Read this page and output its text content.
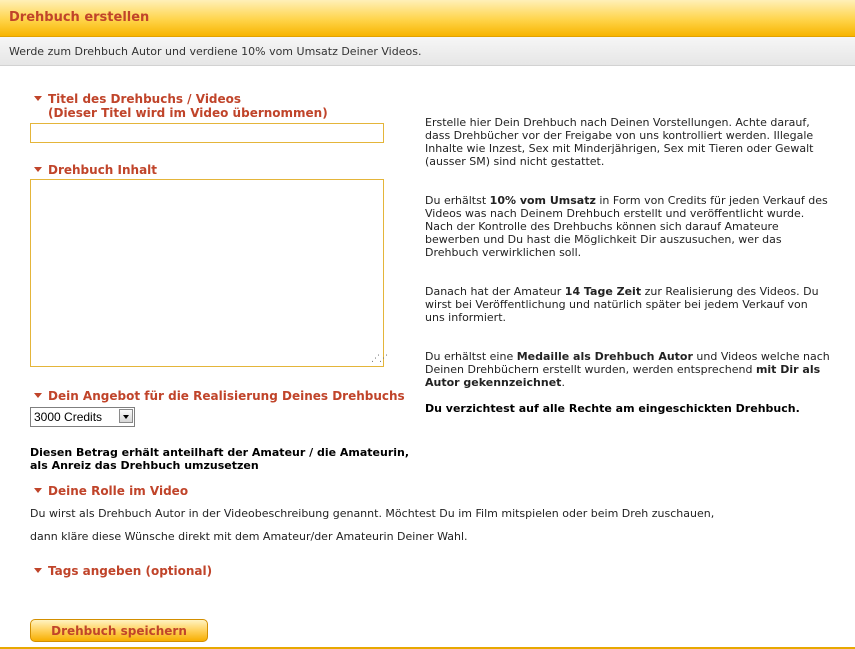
Drehbuch erstellen
Werde zum Drehbuch Autor und verdiene 10% vom Umsatz Deiner Videos.
Titel des Drehbuchs / Videos
(Dieser Titel wird im Video übernommen)
Drehbuch Inhalt
⋰⋰
Dein Angebot für die Realisierung Deines Drehbuchs
3000 Credits
Diesen Betrag erhält anteilhaft der Amateur / die Amateurin,
als Anreiz das Drehbuch umzusetzen
Deine Rolle im Video
Du wirst als Drehbuch Autor in der Videobeschreibung genannt. Möchtest Du im Film mitspielen oder beim Dreh zuschauen,
dann kläre diese Wünsche direkt mit dem Amateur/der Amateurin Deiner Wahl.
Tags angeben (optional)
Drehbuch speichern

Erstelle hier Dein Drehbuch nach Deinen Vorstellungen. Achte darauf, dass Drehbücher vor der Freigabe von uns kontrolliert werden. Illegale Inhalte wie Inzest, Sex mit Minderjährigen, Sex mit Tieren oder Gewalt (ausser SM) sind nicht gestattet.

Du erhältst 10% vom Umsatz in Form von Credits für jeden Verkauf des Videos was nach Deinem Drehbuch erstellt und veröffentlicht wurde. Nach der Kontrolle des Drehbuchs können sich darauf Amateure bewerben und Du hast die Möglichkeit Dir auszusuchen, wer das Drehbuch verwirklichen soll.

Danach hat der Amateur 14 Tage Zeit zur Realisierung des Videos. Du wirst bei Veröffentlichung und natürlich später bei jedem Verkauf von uns informiert.

Du erhältst eine Medaille als Drehbuch Autor und Videos welche nach Deinen Drehbüchern erstellt wurden, werden entsprechend mit Dir als Autor gekennzeichnet.

Du verzichtest auf alle Rechte am eingeschickten Drehbuch.
